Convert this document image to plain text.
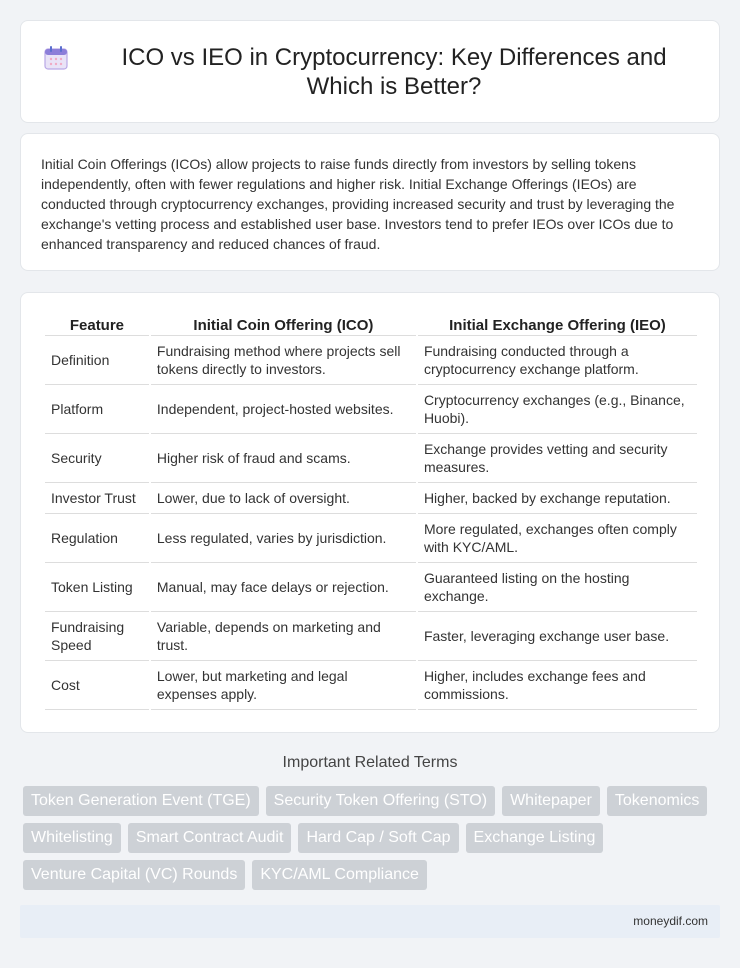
ICO vs IEO in Cryptocurrency: Key Differences and Which is Better?

Initial Coin Offerings (ICOs) allow projects to raise funds directly from investors by selling tokens independently, often with fewer regulations and higher risk. Initial Exchange Offerings (IEOs) are conducted through cryptocurrency exchanges, providing increased security and trust by leveraging the exchange's vetting process and established user base. Investors tend to prefer IEOs over ICOs due to enhanced transparency and reduced chances of fraud.

Feature	Initial Coin Offering (ICO)	Initial Exchange Offering (IEO)
Definition	Fundraising method where projects sell tokens directly to investors.	Fundraising conducted through a cryptocurrency exchange platform.
Platform	Independent, project-hosted websites.	Cryptocurrency exchanges (e.g., Binance, Huobi).
Security	Higher risk of fraud and scams.	Exchange provides vetting and security measures.
Investor Trust	Lower, due to lack of oversight.	Higher, backed by exchange reputation.
Regulation	Less regulated, varies by jurisdiction.	More regulated, exchanges often comply with KYC/AML.
Token Listing	Manual, may face delays or rejection.	Guaranteed listing on the hosting exchange.
Fundraising Speed	Variable, depends on marketing and trust.	Faster, leveraging exchange user base.
Cost	Lower, but marketing and legal expenses apply.	Higher, includes exchange fees and commissions.
Important Related Terms
Token Generation Event (TGE)	Security Token Offering (STO)	Whitepaper	Tokenomics
Whitelisting	Smart Contract Audit	Hard Cap / Soft Cap	Exchange Listing
Venture Capital (VC) Rounds	KYC/AML Compliance
moneydif.com
